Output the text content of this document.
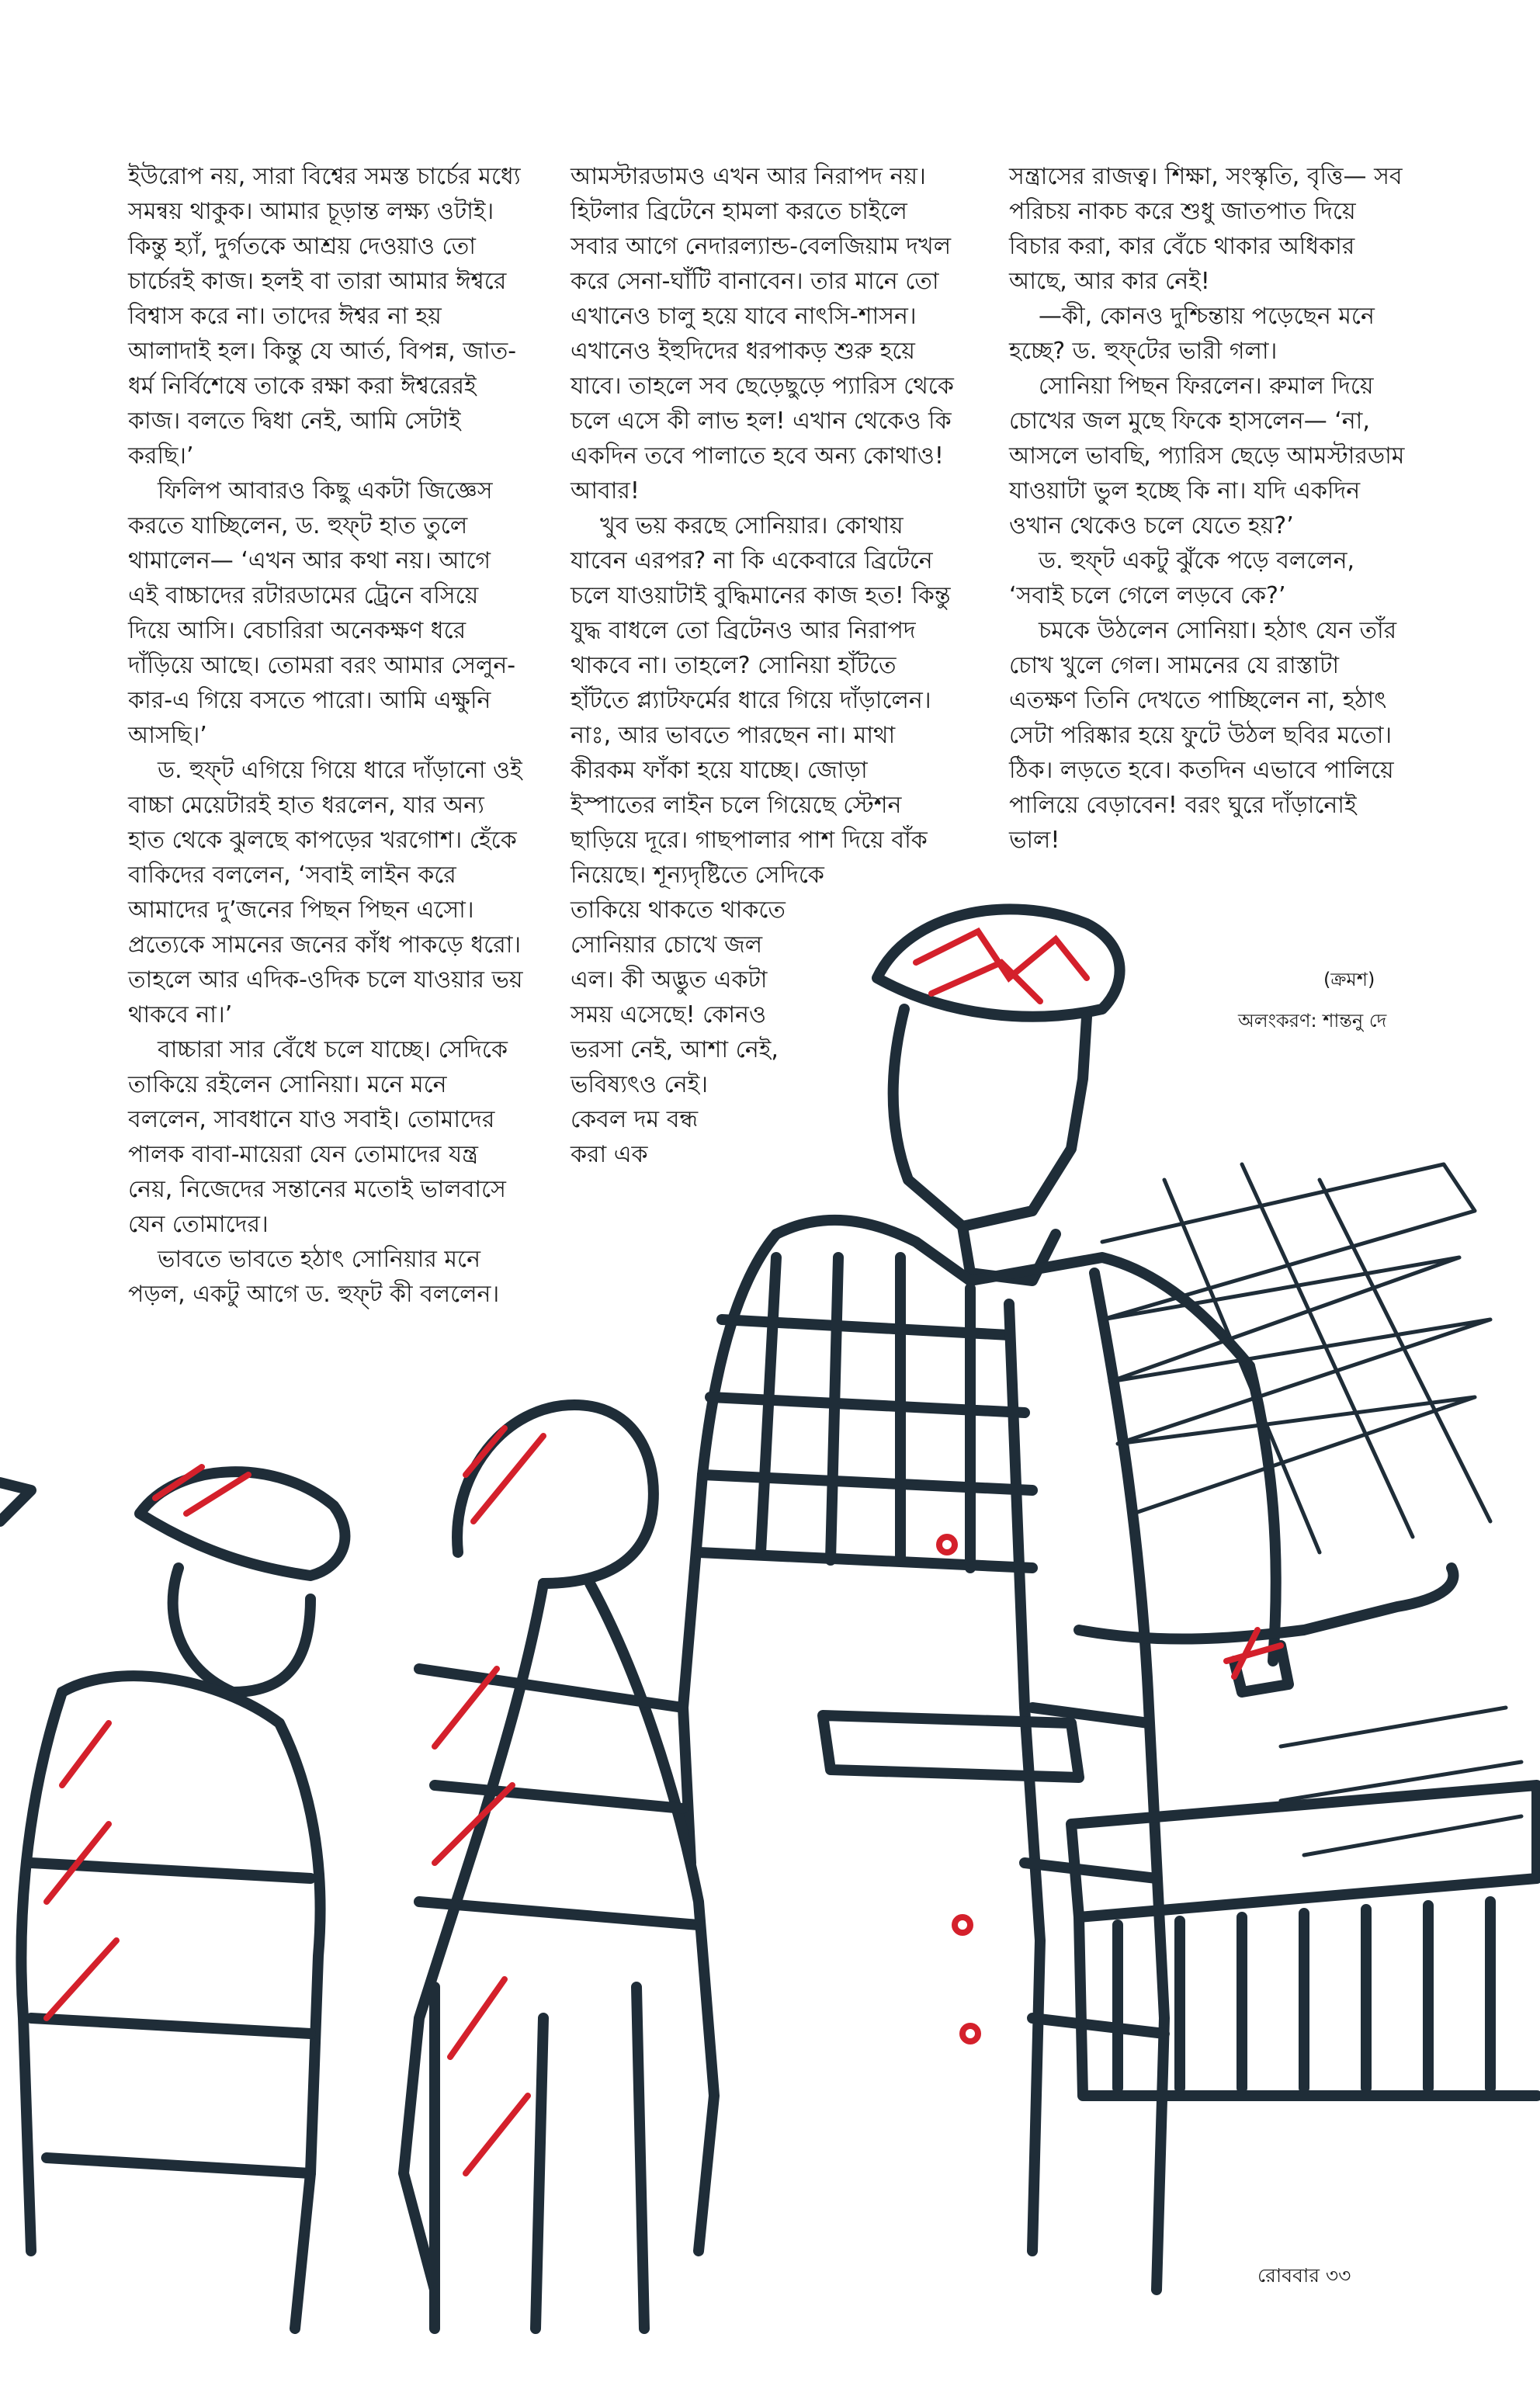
ইউরোপ নয়, সারা বিশ্বের সমস্ত চার্চের মধ্যে সমন্বয় থাকুক। আমার চূড়ান্ত লক্ষ্য ওটাই। কিন্তু হ্যাঁ, দুর্গতকে আশ্রয় দেওয়াও তো চার্চেরই কাজ। হলই বা তারা আমার ঈশ্বরে বিশ্বাস করে না। তাদের ঈশ্বর না হয় আলাদাই হল। কিন্তু যে আর্ত, বিপন্ন, জাত-ধর্ম নির্বিশেষে তাকে রক্ষা করা ঈশ্বরেরই কাজ। বলতে দ্বিধা নেই, আমি সেটাই করছি।’

ফিলিপ আবারও কিছু একটা জিজ্ঞেস করতে যাচ্ছিলেন, ড. হুফ্‌ট হাত তুলে থামালেন— ‘এখন আর কথা নয়। আগে এই বাচ্চাদের রটারডামের ট্রেনে বসিয়ে দিয়ে আসি। বেচারিরা অনেকক্ষণ ধরে দাঁড়িয়ে আছে। তোমরা বরং আমার সেলুন-কার-এ গিয়ে বসতে পারো। আমি এক্ষুনি আসছি।’

ড. হুফ্‌ট এগিয়ে গিয়ে ধারে দাঁড়ানো ওই বাচ্চা মেয়েটারই হাত ধরলেন, যার অন্য হাত থেকে ঝুলছে কাপড়ের খরগোশ। হেঁকে বাকিদের বললেন, ‘সবাই লাইন করে আমাদের দু’জনের পিছন পিছন এসো। প্রত্যেকে সামনের জনের কাঁধ পাকড়ে ধরো। তাহলে আর এদিক-ওদিক চলে যাওয়ার ভয় থাকবে না।’

বাচ্চারা সার বেঁধে চলে যাচ্ছে। সেদিকে তাকিয়ে রইলেন সোনিয়া। মনে মনে বললেন, সাবধানে যাও সবাই। তোমাদের পালক বাবা-মায়েরা যেন তোমাদের যন্ত্র নেয়, নিজেদের সন্তানের মতোই ভালবাসে যেন তোমাদের।

ভাবতে ভাবতে হঠাৎ সোনিয়ার মনে পড়ল, একটু আগে ড. হুফ্‌ট কী বললেন।

আমস্টারডামও এখন আর নিরাপদ নয়। হিটলার ব্রিটেনে হামলা করতে চাইলে সবার আগে নেদারল্যান্ড-বেলজিয়াম দখল করে সেনা-ঘাঁটি বানাবেন। তার মানে তো এখানেও চালু হয়ে যাবে নাৎসি-শাসন। এখানেও ইহুদিদের ধরপাকড় শুরু হয়ে যাবে। তাহলে সব ছেড়েছুড়ে প্যারিস থেকে চলে এসে কী লাভ হল! এখান থেকেও কি একদিন তবে পালাতে হবে অন্য কোথাও! আবার!

খুব ভয় করছে সোনিয়ার। কোথায় যাবেন এরপর? না কি একেবারে ব্রিটেনে চলে যাওয়াটাই বুদ্ধিমানের কাজ হত! কিন্তু যুদ্ধ বাধলে তো ব্রিটেনও আর নিরাপদ থাকবে না। তাহলে? সোনিয়া হাঁটতে হাঁটতে প্ল্যাটফর্মের ধারে গিয়ে দাঁড়ালেন। নাঃ, আর ভাবতে পারছেন না। মাথা কীরকম ফাঁকা হয়ে যাচ্ছে। জোড়া ইস্পাতের লাইন চলে গিয়েছে স্টেশন ছাড়িয়ে দূরে। গাছপালার পাশ দিয়ে বাঁক নিয়েছে। শূন্যদৃষ্টিতে সেদিকে

তাকিয়ে থাকতে থাকতে

সোনিয়ার চোখে জল

এল। কী অদ্ভুত একটা

সময় এসেছে! কোনও

ভরসা নেই, আশা নেই,

ভবিষ্যৎও নেই।

কেবল দম বন্ধ

করা এক

সন্ত্রাসের রাজত্ব। শিক্ষা, সংস্কৃতি, বৃত্তি— সব পরিচয় নাকচ করে শুধু জাতপাত দিয়ে বিচার করা, কার বেঁচে থাকার অধিকার আছে, আর কার নেই!

—কী, কোনও দুশ্চিন্তায় পড়েছেন মনে হচ্ছে? ড. হুফ্‌টের ভারী গলা।

সোনিয়া পিছন ফিরলেন। রুমাল দিয়ে চোখের জল মুছে ফিকে হাসলেন— ‘না, আসলে ভাবছি, প্যারিস ছেড়ে আমস্টারডাম যাওয়াটা ভুল হচ্ছে কি না। যদি একদিন ওখান থেকেও চলে যেতে হয়?’

ড. হুফ্‌ট একটু ঝুঁকে পড়ে বললেন, ‘সবাই চলে গেলে লড়বে কে?’

চমকে উঠলেন সোনিয়া। হঠাৎ যেন তাঁর চোখ খুলে গেল। সামনের যে রাস্তাটা এতক্ষণ তিনি দেখতে পাচ্ছিলেন না, হঠাৎ সেটা পরিষ্কার হয়ে ফুটে উঠল ছবির মতো। ঠিক। লড়তে হবে। কতদিন এভাবে পালিয়ে পালিয়ে বেড়াবেন! বরং ঘুরে দাঁড়ানোই ভাল!

(ক্রমশ)
অলংকরণ: শান্তনু দে
রোববার ৩৩
